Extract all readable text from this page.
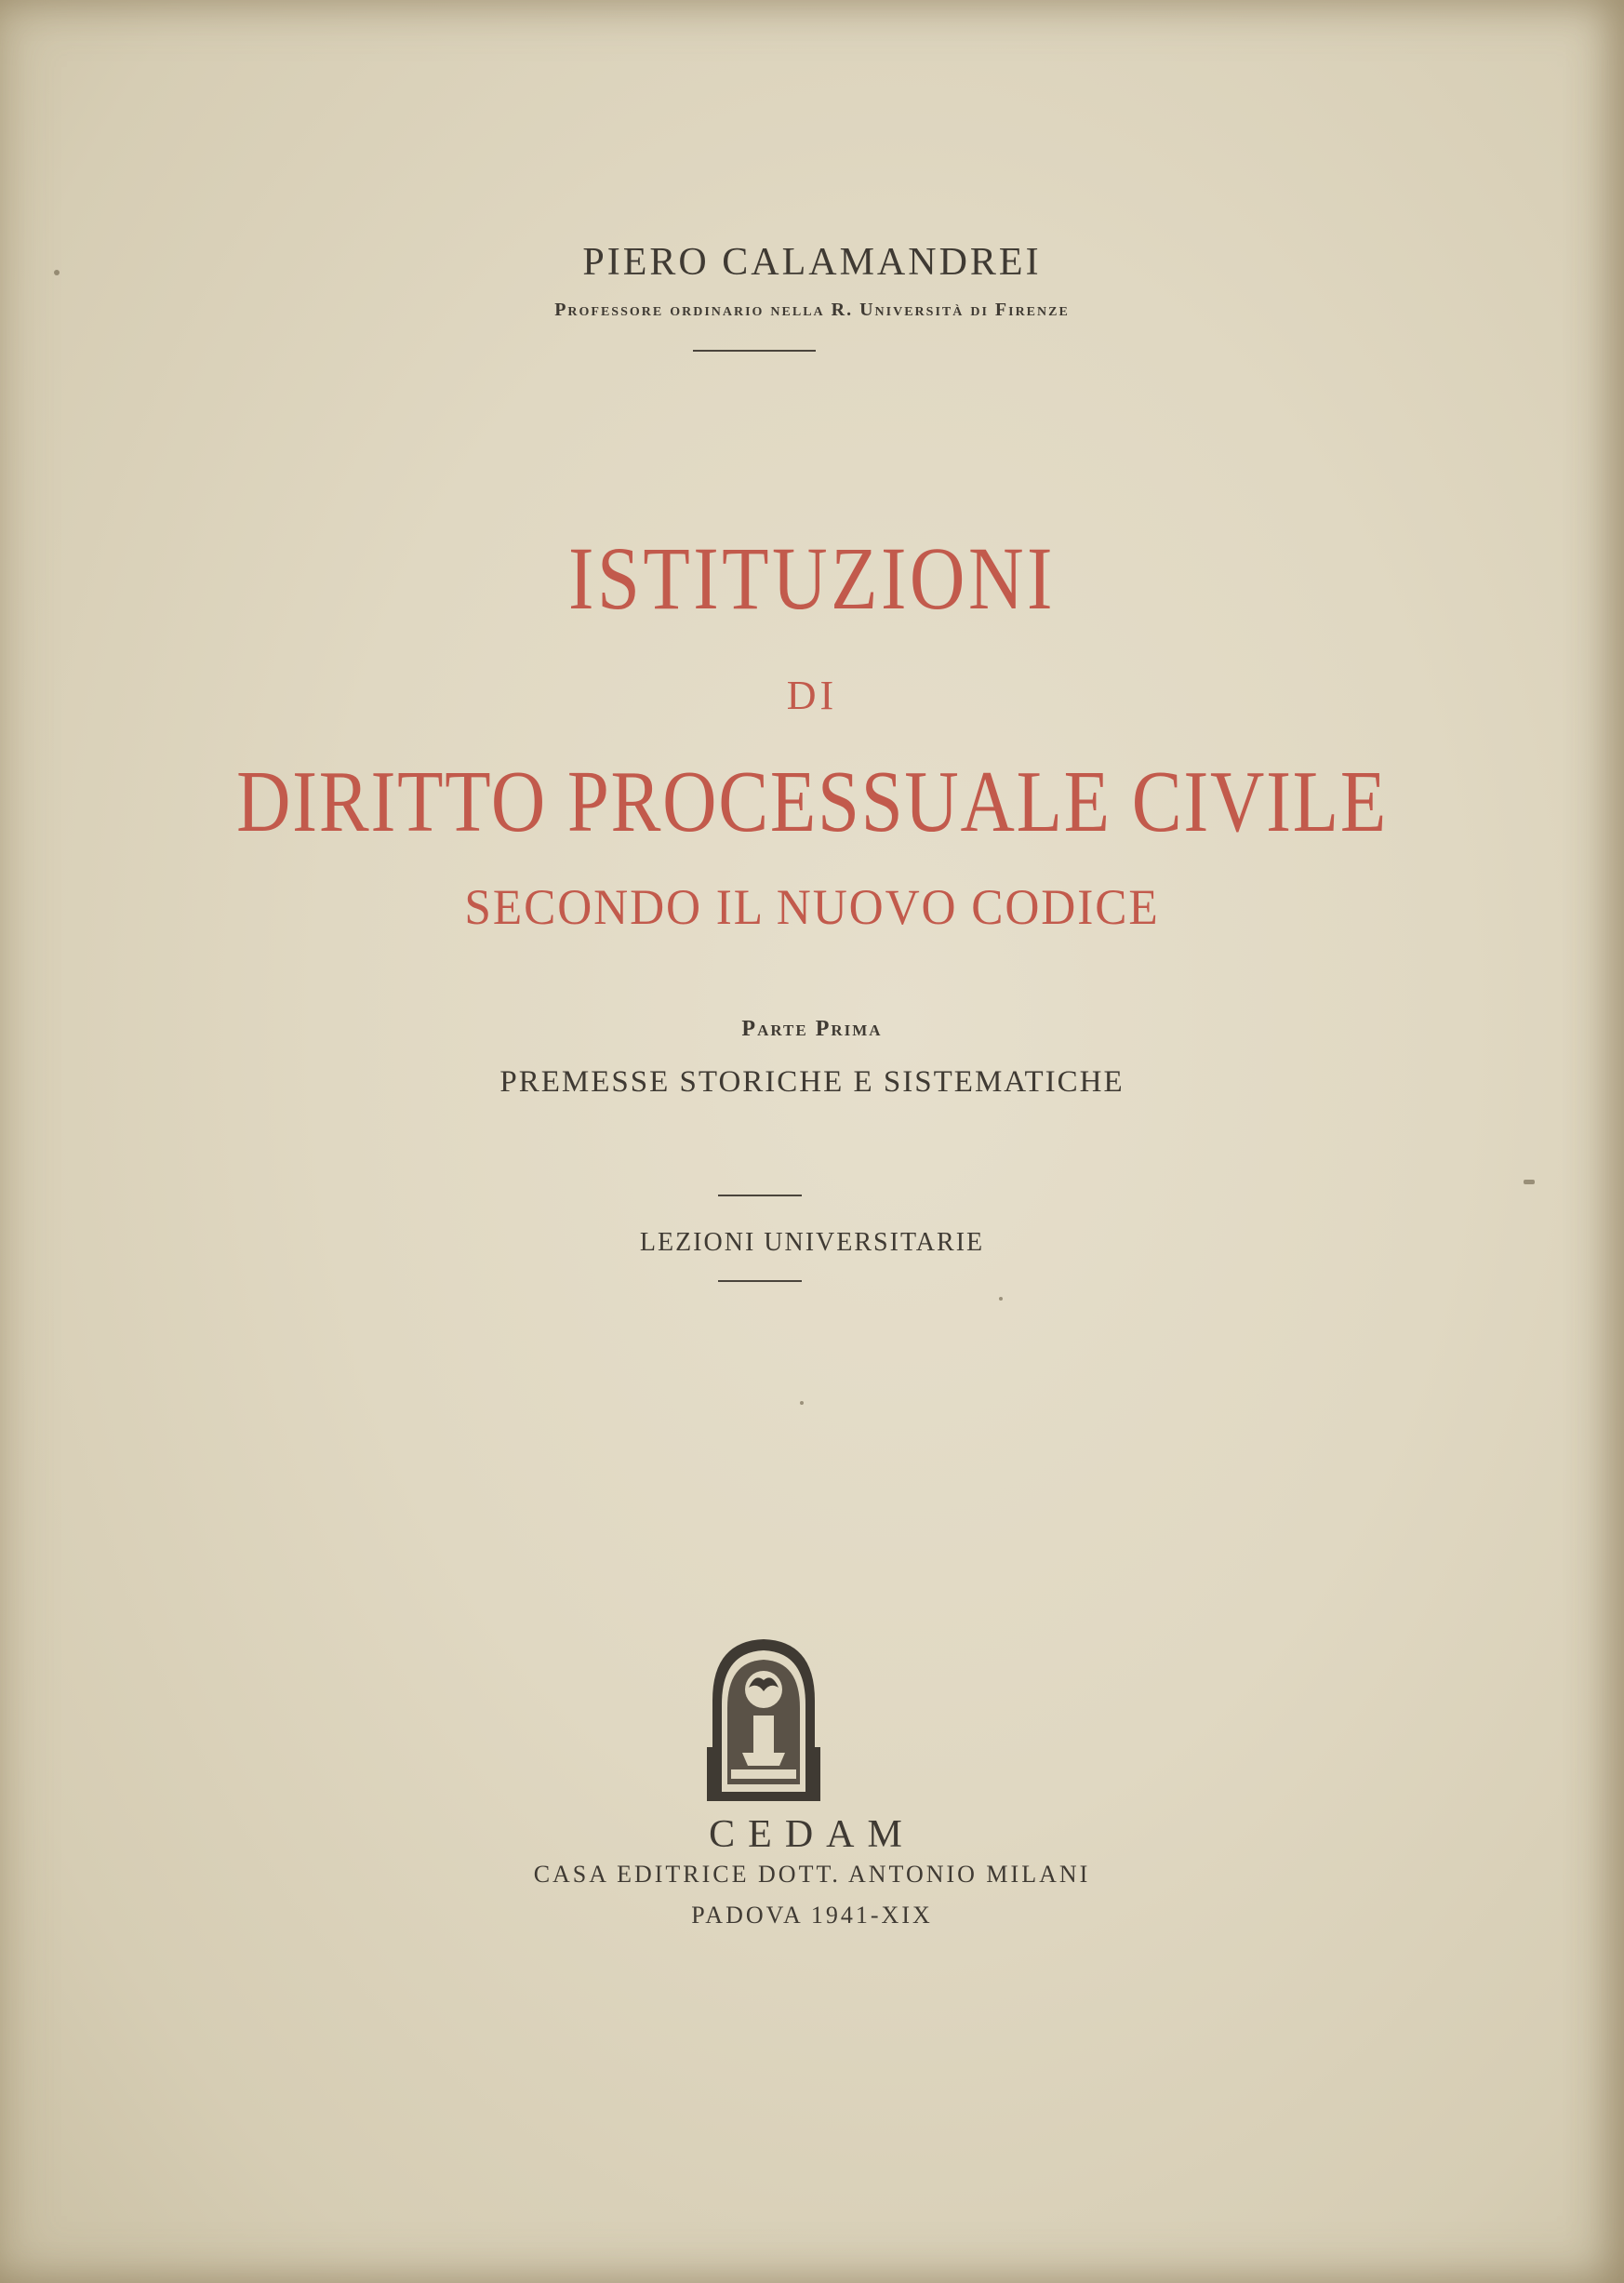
PIERO CALAMANDREI
Professore ordinario nella R. Università di Firenze
ISTITUZIONI
DI
DIRITTO PROCESSUALE CIVILE
SECONDO IL NUOVO CODICE
Parte Prima
PREMESSE STORICHE E SISTEMATICHE
LEZIONI UNIVERSITARIE
CEDAM
CASA EDITRICE DOTT. ANTONIO MILANI
PADOVA 1941-XIX
